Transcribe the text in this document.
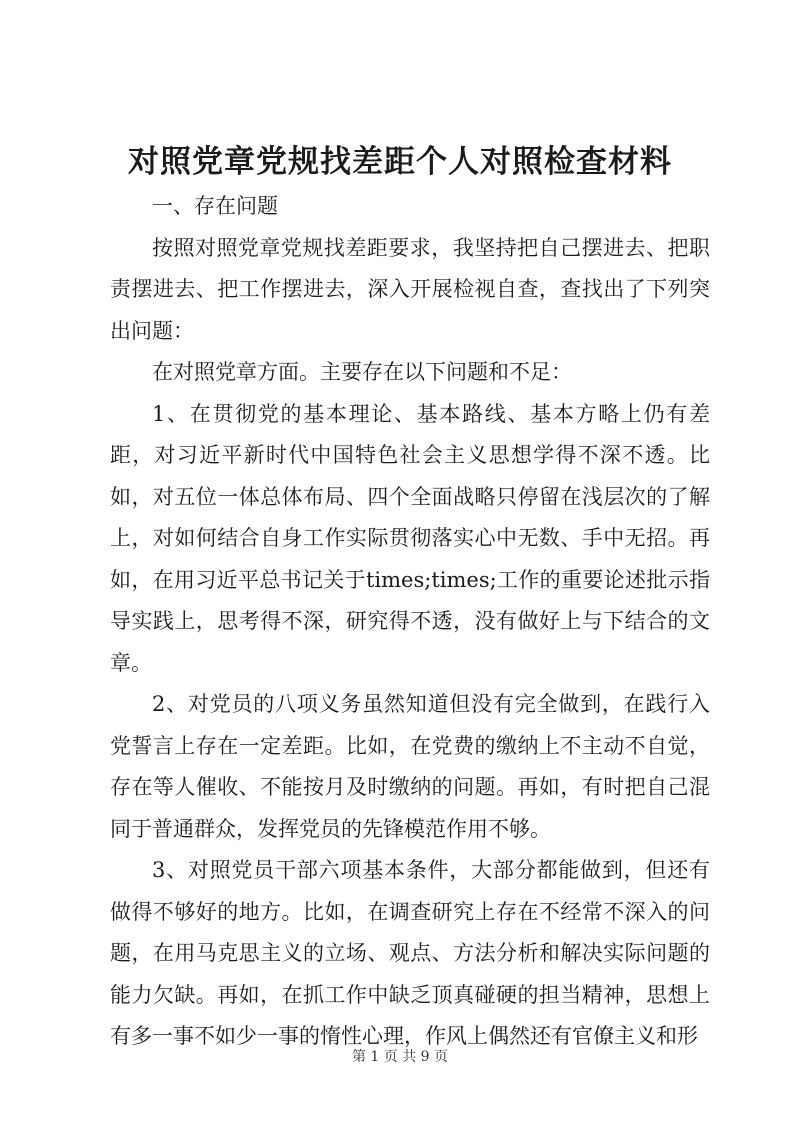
对照党章党规找差距个人对照检查材料

一、存在问题

按照对照党章党规找差距要求，我坚持把自己摆进去、把职责摆进去、把工作摆进去，深入开展检视自查，查找出了下列突出问题：

在对照党章方面。主要存在以下问题和不足：

1、在贯彻党的基本理论、基本路线、基本方略上仍有差距，对习近平新时代中国特色社会主义思想学得不深不透。比如，对五位一体总体布局、四个全面战略只停留在浅层次的了解上，对如何结合自身工作实际贯彻落实心中无数、手中无招。再如，在用习近平总书记关于times;times;工作的重要论述批示指导实践上，思考得不深，研究得不透，没有做好上与下结合的文章。

2、对党员的八项义务虽然知道但没有完全做到，在践行入党誓言上存在一定差距。比如，在党费的缴纳上不主动不自觉，存在等人催收、不能按月及时缴纳的问题。再如，有时把自己混同于普通群众，发挥党员的先锋模范作用不够。

3、对照党员干部六项基本条件，大部分都能做到，但还有做得不够好的地方。比如，在调查研究上存在不经常不深入的问题，在用马克思主义的立场、观点、方法分析和解决实际问题的能力欠缺。再如，在抓工作中缺乏顶真碰硬的担当精神，思想上有多一事不如少一事的惰性心理，作风上偶然还有官僚主义和形

第 1 页 共 9 页
